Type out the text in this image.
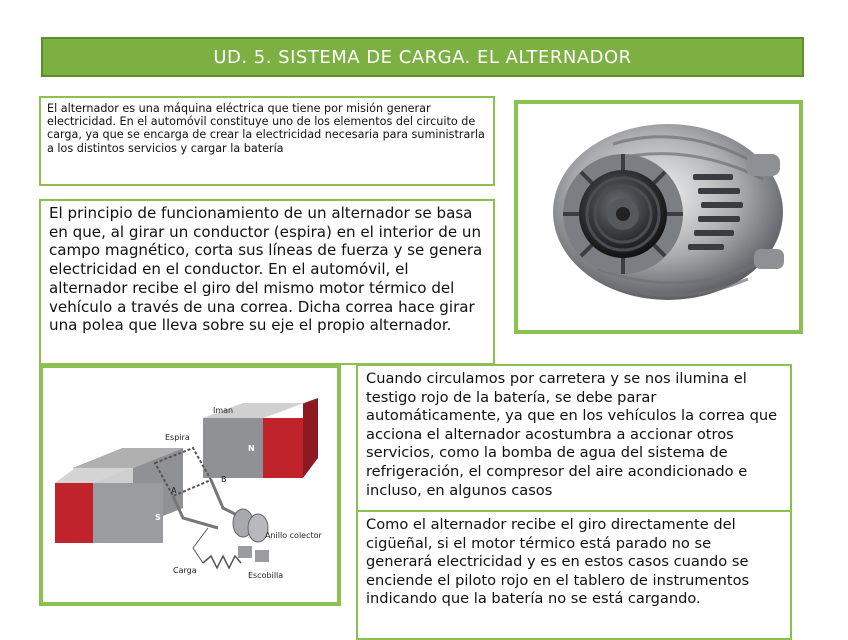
UD. 5. SISTEMA DE CARGA. EL ALTERNADOR
El alternador es una máquina eléctrica que tiene por misión generar electricidad. En el automóvil constituye uno de los elementos del circuito de carga, ya que se encarga de crear la electricidad necesaria para suministrarla a los distintos servicios y cargar la batería
El principio de funcionamiento de un alternador se basa en que, al girar un conductor (espira) en el interior de un campo magnético, corta sus líneas de fuerza y se genera electricidad en el conductor. En el automóvil, el alternador recibe el giro del mismo motor térmico del vehículo a través de una correa. Dicha correa hace girar una polea que lleva sobre su eje el propio alternador.
Iman
Espira
N
S
A
B
Anillo colector
Carga
Escobilla
Cuando circulamos por carretera y se nos ilumina el testigo rojo de la batería, se debe parar automáticamente, ya que en los vehículos la correa que acciona el alternador acostumbra a accionar otros servicios, como la bomba de agua del sistema de refrigeración, el compresor del aire acondicionado e incluso, en algunos casos
Como el alternador recibe el giro directamente del cigüeñal, si el motor térmico está parado no se generará electricidad y es en estos casos cuando se enciende el piloto rojo en el tablero de instrumentos indicando que la batería no se está cargando.
